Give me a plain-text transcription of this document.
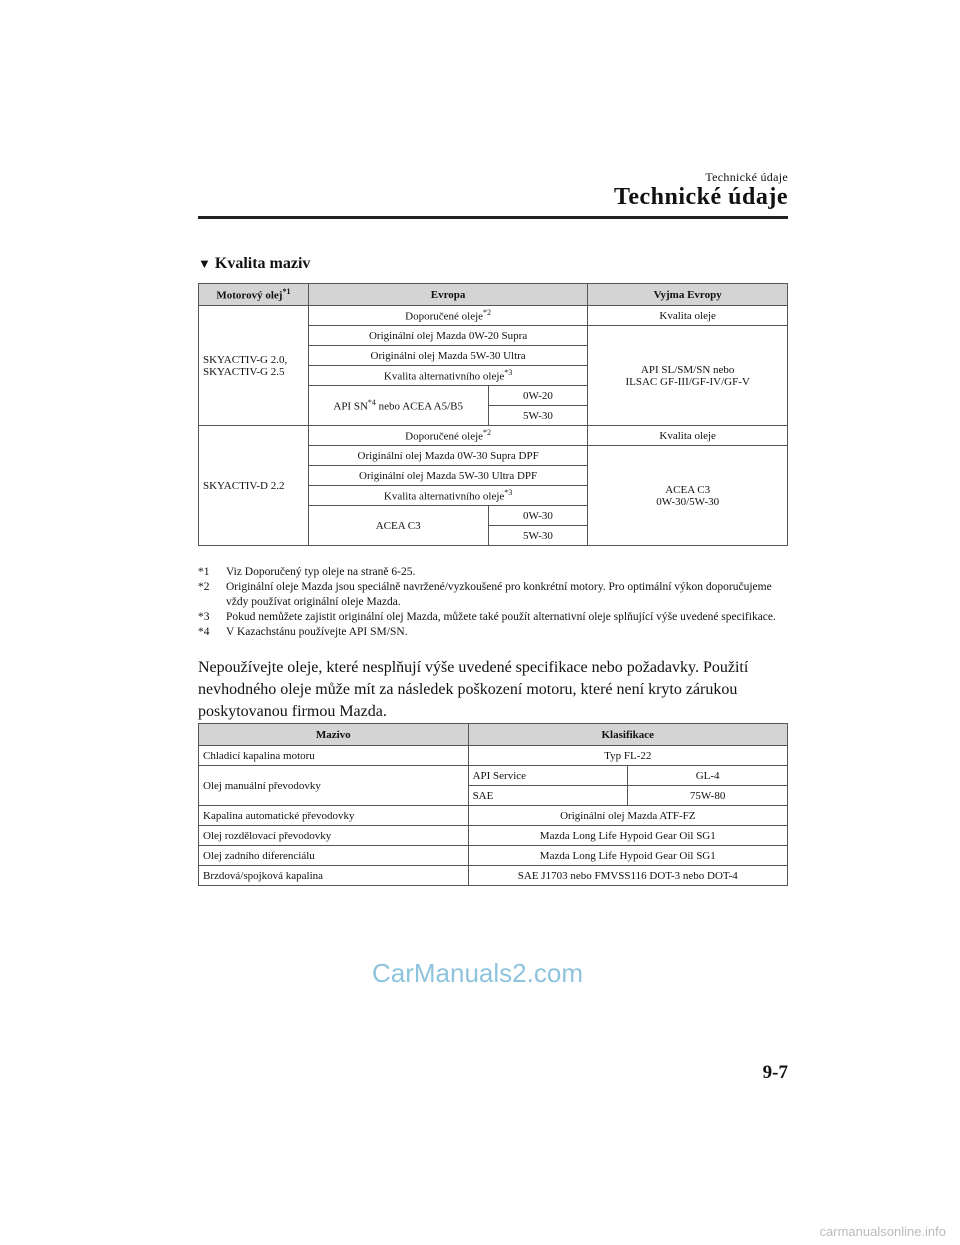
Technické údaje
Technické údaje
▼ Kvalita maziv
Motorový olej$^{*1}$	Evropa		Vyjma Evropy
SKYACTIV-G 2.0,
SKYACTIV-G 2.5	Doporučené oleje$^{*2}$		Kvalita oleje
	Originální olej Mazda 0W-20 Supra		API SL/SM/SN nebo
ILSAC GF-III/GF-IV/GF-V
	Originální olej Mazda 5W-30 Ultra		
	Kvalita alternativního oleje$^{*3}$
	API SN$^{*4}$ nebo ACEA A5/B5	0W-20	
		5W-30	
SKYACTIV-D 2.2	Doporučené oleje$^{*2}$		Kvalita oleje
	Originální olej Mazda 0W-30 Supra DPF		ACEA C3
0W-30/5W-30
	Originální olej Mazda 5W-30 Ultra DPF		
	Kvalita alternativního oleje$^{*3}$
	ACEA C3	0W-30	
		5W-30	
*1 Viz Doporučený typ oleje na straně 6-25.
*2 Originální oleje Mazda jsou speciálně navržené/vyzkoušené pro konkrétní motory. Pro optimální výkon doporučujeme vždy používat originální oleje Mazda.
*3 Pokud nemůžete zajistit originální olej Mazda, můžete také použít alternativní oleje splňující výše uvedené specifikace.
*4 V Kazachstánu používejte API SM/SN.
Nepoužívejte oleje, které nesplňují výše uvedené specifikace nebo požadavky. Použití nevhodného oleje může mít za následek poškození motoru, které není kryto zárukou poskytovanou firmou Mazda.
Mazivo	Klasifikace	
Chladicí kapalina motoru	Typ FL-22	
Olej manuální převodovky	API Service	GL-4
	SAE	75W-80
Kapalina automatické převodovky	Originální olej Mazda ATF-FZ	
Olej rozdělovací převodovky	Mazda Long Life Hypoid Gear Oil SG1	
Olej zadního diferenciálu	Mazda Long Life Hypoid Gear Oil SG1	
Brzdová/spojková kapalina	SAE J1703 nebo FMVSS116 DOT-3 nebo DOT-4	
CarManuals2.com
9-7
carmanualsonline.info
